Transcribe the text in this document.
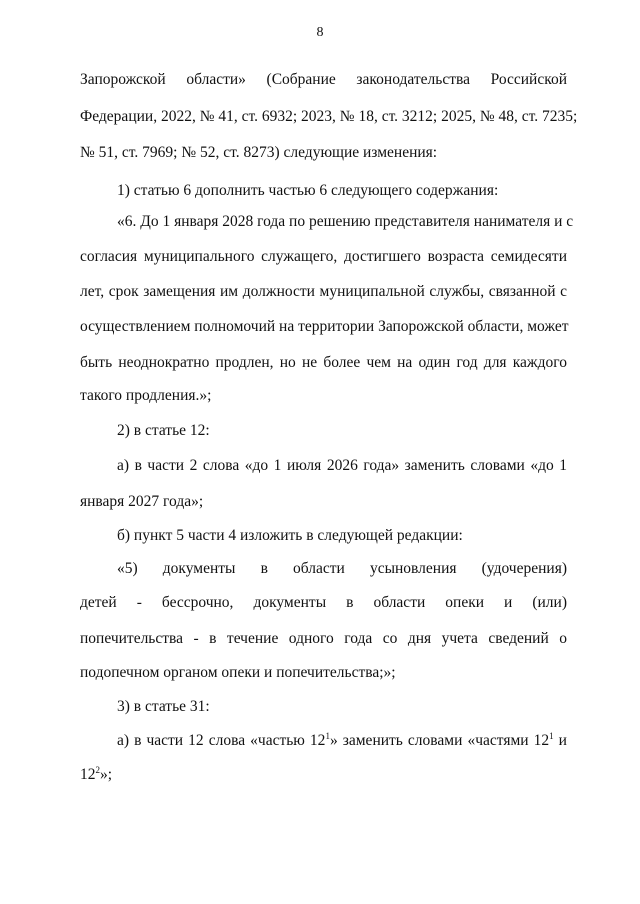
8
Запорожской области» (Собрание законодательства Российской
Федерации, 2022, № 41, ст. 6932; 2023, № 18, ст. 3212; 2025, № 48, ст. 7235;
№ 51, ст. 7969; № 52, ст. 8273) следующие изменения:
1) статью 6 дополнить частью 6 следующего содержания:
«6. До 1 января 2028 года по решению представителя нанимателя и с
согласия муниципального служащего, достигшего возраста семидесяти
лет, срок замещения им должности муниципальной службы, связанной с
осуществлением полномочий на территории Запорожской области, может
быть неоднократно продлен, но не более чем на один год для каждого
такого продления.»;
2) в статье 12:
а) в части 2 слова «до 1 июля 2026 года» заменить словами «до 1
января 2027 года»;
б) пункт 5 части 4 изложить в следующей редакции:
«5) документы в области усыновления (удочерения)
детей - бессрочно, документы в области опеки и (или)
попечительства - в течение одного года со дня учета сведений о
подопечном органом опеки и попечительства;»;
3) в статье 31:
а) в части 12 слова «частью $12^1$» заменить словами «частями $12^1$ и
$12^2$»;
